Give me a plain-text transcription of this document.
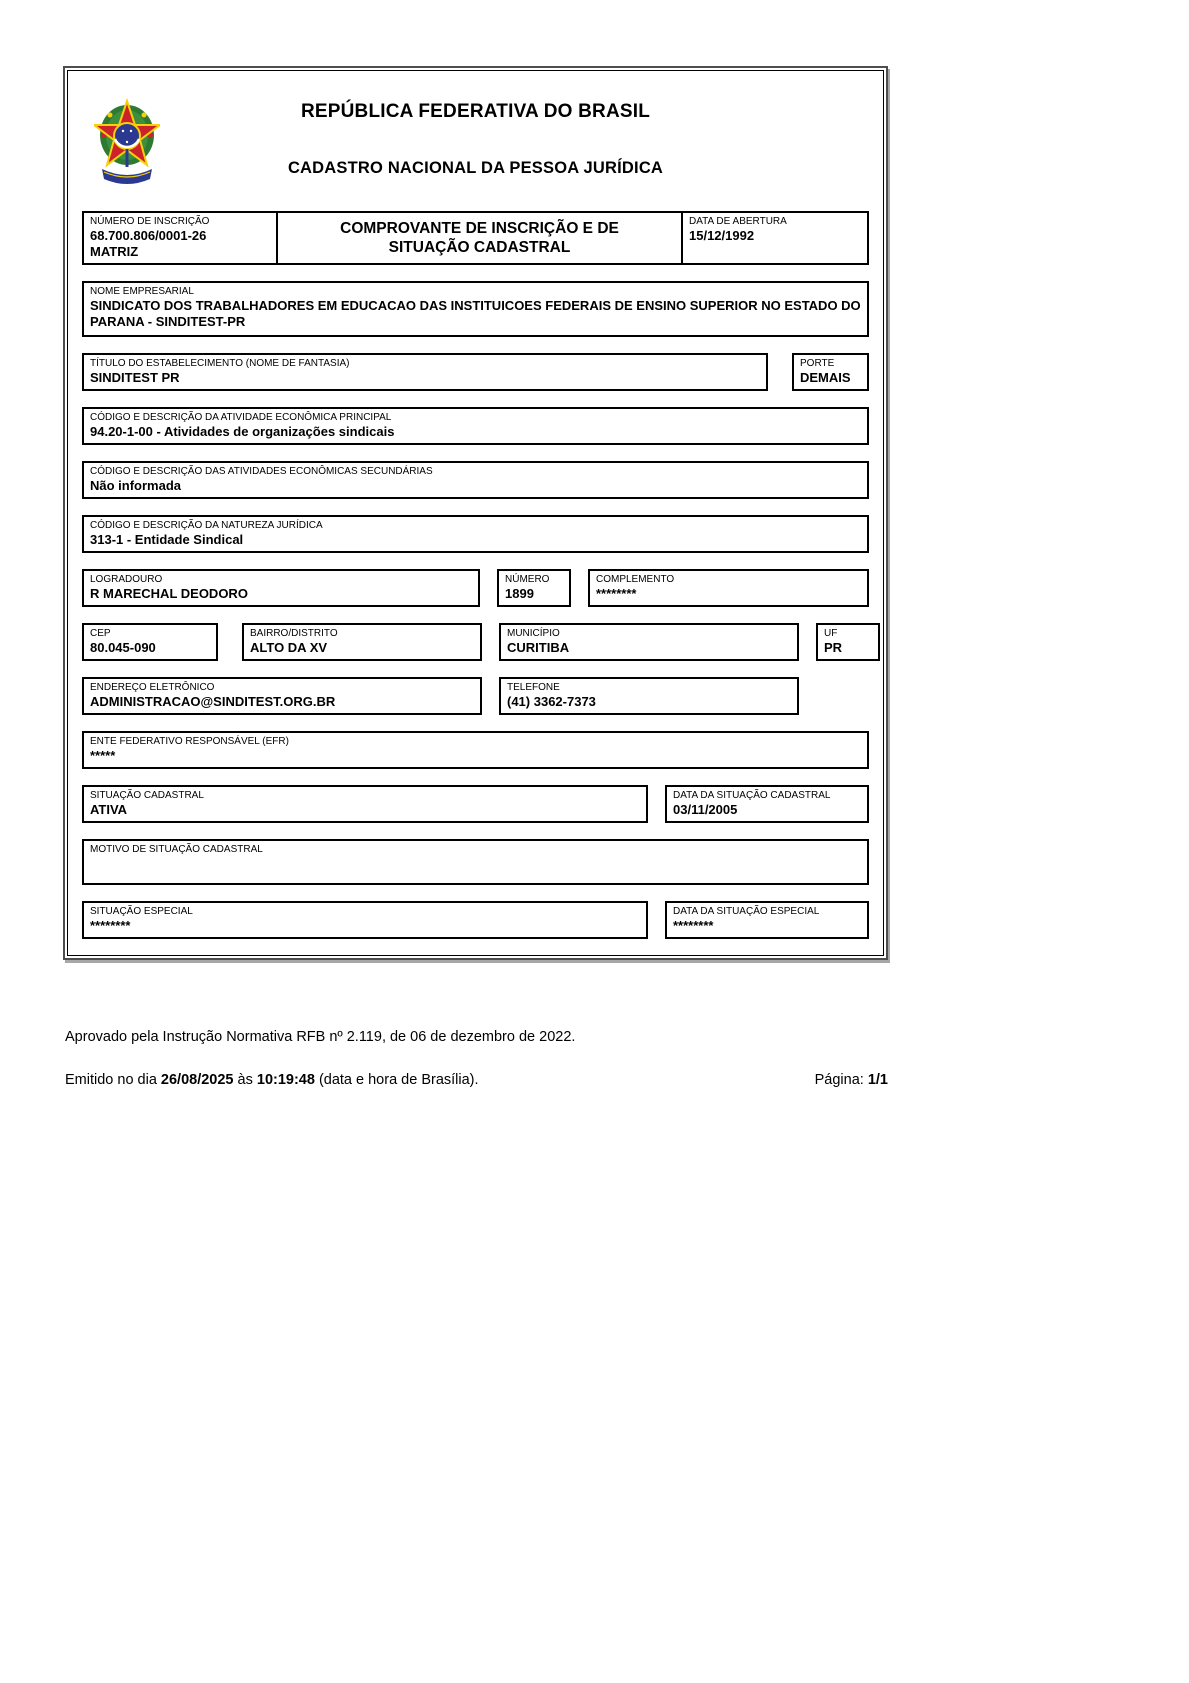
REPÚBLICA FEDERATIVA DO BRASIL
CADASTRO NACIONAL DA PESSOA JURÍDICA
NÚMERO DE INSCRIÇÃO
68.700.806/0001-26
MATRIZ
COMPROVANTE DE INSCRIÇÃO E DE SITUAÇÃO CADASTRAL
DATA DE ABERTURA
15/12/1992
NOME EMPRESARIAL
SINDICATO DOS TRABALHADORES EM EDUCACAO DAS INSTITUICOES FEDERAIS DE ENSINO SUPERIOR NO ESTADO DO PARANA - SINDITEST-PR
TÍTULO DO ESTABELECIMENTO (NOME DE FANTASIA)
SINDITEST PR
PORTE
DEMAIS
CÓDIGO E DESCRIÇÃO DA ATIVIDADE ECONÔMICA PRINCIPAL
94.20-1-00 - Atividades de organizações sindicais
CÓDIGO E DESCRIÇÃO DAS ATIVIDADES ECONÔMICAS SECUNDÁRIAS
Não informada
CÓDIGO E DESCRIÇÃO DA NATUREZA JURÍDICA
313-1 - Entidade Sindical
LOGRADOURO
R MARECHAL DEODORO
NÚMERO
1899
COMPLEMENTO
********
CEP
80.045-090
BAIRRO/DISTRITO
ALTO DA XV
MUNICÍPIO
CURITIBA
UF
PR
ENDEREÇO ELETRÔNICO
ADMINISTRACAO@SINDITEST.ORG.BR
TELEFONE
(41) 3362-7373
ENTE FEDERATIVO RESPONSÁVEL (EFR)
*****
SITUAÇÃO CADASTRAL
ATIVA
DATA DA SITUAÇÃO CADASTRAL
03/11/2005
MOTIVO DE SITUAÇÃO CADASTRAL
SITUAÇÃO ESPECIAL
********
DATA DA SITUAÇÃO ESPECIAL
********
Aprovado pela Instrução Normativa RFB nº 2.119, de 06 de dezembro de 2022.
Emitido no dia 26/08/2025 às 10:19:48 (data e hora de Brasília).	Página: 1/1
